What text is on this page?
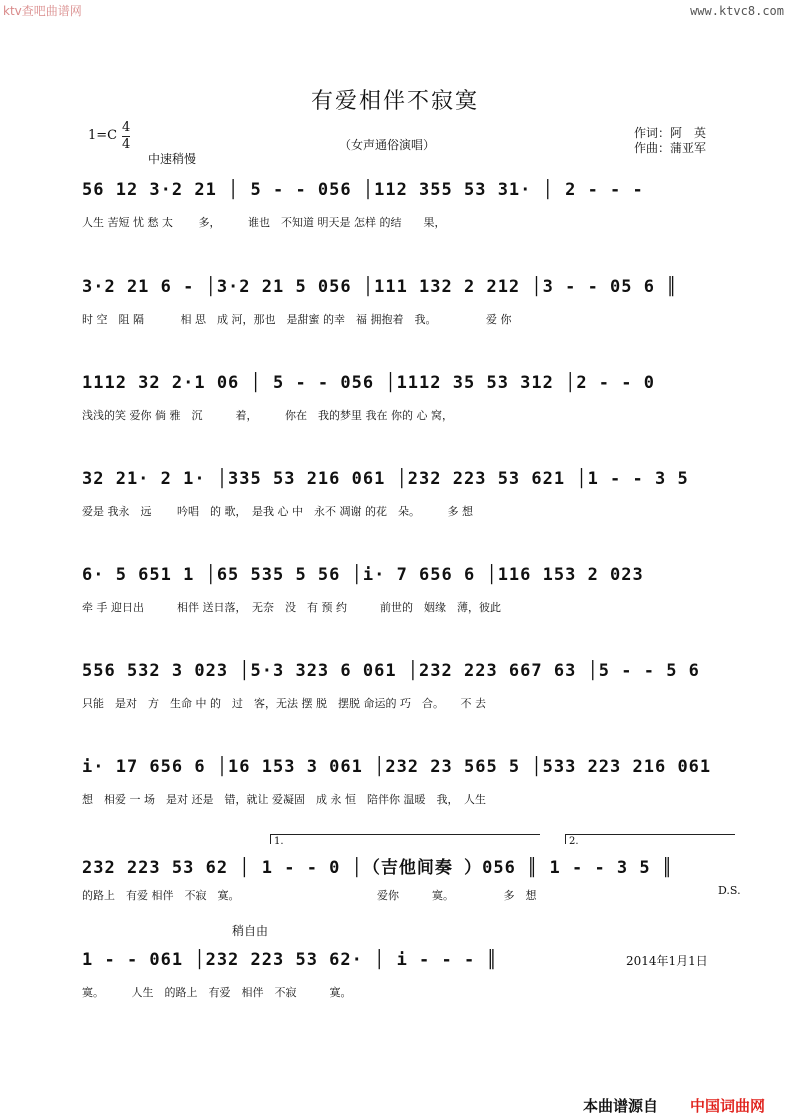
ktv查吧曲谱网	www.ktvc8.com
有爱相伴不寂寞
1=C
4
4
中速稍慢
（女声通俗演唱）
作词：阿　英
作曲：蒲亚军
56 12 3·2 21 │ 5 - - 056 │112 355 53 31· │ 2 - - -
人生 苦短 忧 愁 太　　 多，　　　谁也　不知道 明天是 怎样 的结　　果，
3·2 21 6 - │3·2 21 5 056 │111 132 2 212 │3 - - 05 6 ║
时 空　阻 隔　　　 相 思　成 河，那也　是甜蜜 的幸　福 拥抱着　我。　　　　　爱 你
1112 32 2·1 06 │ 5 - - 056 │1112 35 53 312 │2 - - 0
浅浅的笑 爱你 倘 雅　沉　　　着，　　　你在　我的梦里 我在 你的 心 窝，
32 21· 2 1· │335 53 216 061 │232 223 53 621 │1 - - 3 5
爱是 我永　远　　 吟唱　的 歌，　是我 心 中　永不 凋谢 的花　朵。　　　多 想
6· 5 651 1 │65 535 5 56 │i· 7 656 6 │116 153 2 023
牵 手 迎日出　　　相伴 送日落，　无奈　没　有 预 约　　　前世的　姻缘　薄，彼此
556 532 3 023 │5·3 323 6 061 │232 223 667 63 │5 - - 5 6
只能　是对　方　生命 中 的　过　客，无法 摆 脱　摆脱 命运的 巧　合。　　不 去
i· 17 656 6 │16 153 3 061 │232 23 565 5 │533 223 216 061
想　相爱 一 场　是对 还是　错，就让 爱凝固　成 永 恒　陪伴你 温暖　我，　人生
232 223 53 62 │ 1 - - 0 │（吉他间奏 ）056 ║ 1 - - 3 5 ║
的路上　有爱 相伴　不寂　寞。　　　　　　　　　　　　　爱你　　　寞。　　　　　多　想
1 - - 061 │232 223 53 62· │ i - - - ║
寞。　　　人生　的路上　有爱　相伴　不寂　　　寞。
1.	2.
D.S.
稍自由
2014年1月1日
本曲谱源自 中国词曲网
